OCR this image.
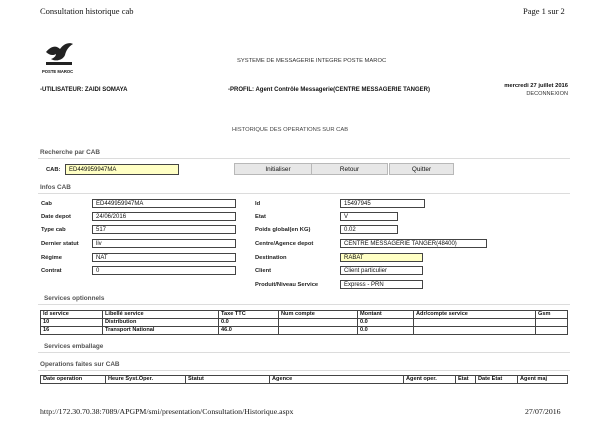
Consultation historique cab	Page 1 sur 2
POSTE MAROC
SYSTEME DE MESSAGERIE INTEGRE POSTE MAROC
-UTILISATEUR: ZAIDI SOMAYA	-PROFIL: Agent Contrôle Messagerie(CENTRE MESSAGERIE TANGER)
mercredi 27 juillet 2016
DECONNEXION
HISTORIQUE DES OPERATIONS SUR CAB
Recherche par CAB
CAB:	ED449959947MA	Initialiser	Retour	Quitter
Infos CAB
Cab	ED449959947MA
Date depot	24/06/2016
Type cab	517
Dernier statut	liv
Régime	NAT
Contrat	0
Id	15497945
Etat	V
Poids global(en KG)	0.02
Centre/Agence depot	CENTRE MESSAGERIE TANGER(48400)
Destination	RABAT
Client	Client particulier
Produit/Niveau Service	Express - PRN
Services optionnels
Id service	Libellé service	Taxe TTC	Num compte	Montant	Adr/compte service	Gsm
10	Distribution	0.0		0.0		
16	Transport National	46.0		0.0		
Services emballage
Operations faites sur CAB
Date operation	Heure Syst.Oper.	Statut	Agence	Agent oper.	Etat	Date Etat	Agent maj
http://172.30.70.38:7089/APGPM/smi/presentation/Consultation/Historique.aspx	27/07/2016
